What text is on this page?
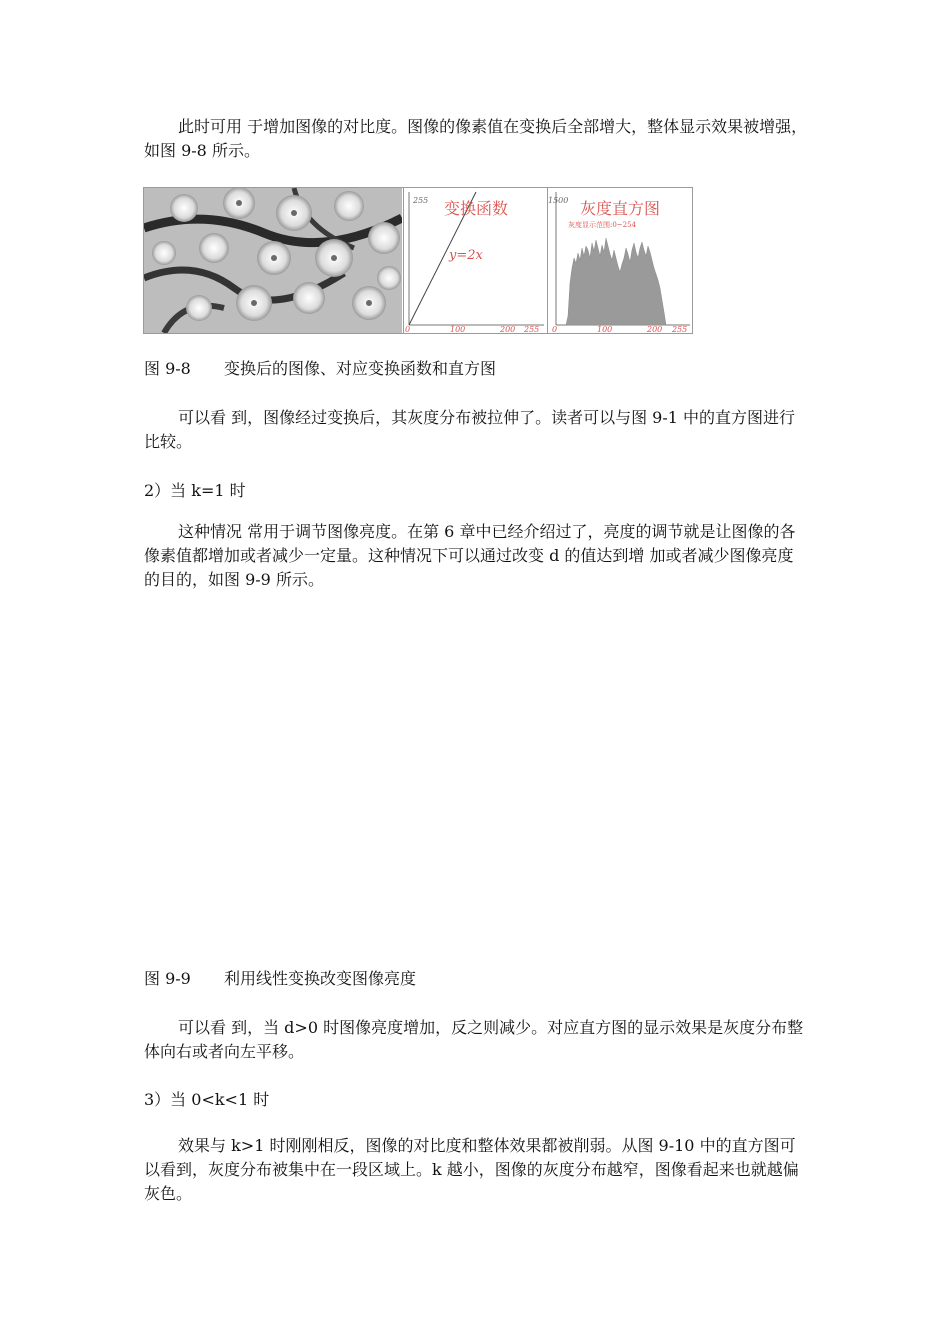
此时可用 于增加图像的对比度。图像的像素值在变换后全部增大，整体显示效果被增强，如图 9-8 所示。

255 变换函数
y=2x
0	100	200 255
1500 灰度直方图
灰度显示范围:0~254
0	100	200 255

图 9-8 变换后的图像、对应变换函数和直方图

可以看 到，图像经过变换后，其灰度分布被拉伸了。读者可以与图 9-1 中的直方图进行比较。

2）当 k=1 时

这种情况 常用于调节图像亮度。在第 6 章中已经介绍过了，亮度的调节就是让图像的各像素值都增加或者减少一定量。这种情况下可以通过改变 d 的值达到增 加或者减少图像亮度的目的，如图 9-9 所示。

图 9-9 利用线性变换改变图像亮度

可以看 到，当 d>0 时图像亮度增加，反之则减少。对应直方图的显示效果是灰度分布整体向右或者向左平移。

3）当 0<k<1 时

效果与 k>1 时刚刚相反，图像的对比度和整体效果都被削弱。从图 9-10 中的直方图可以看到，灰度分布被集中在一段区域上。k 越小，图像的灰度分布越窄，图像看起来也就越偏灰色。
